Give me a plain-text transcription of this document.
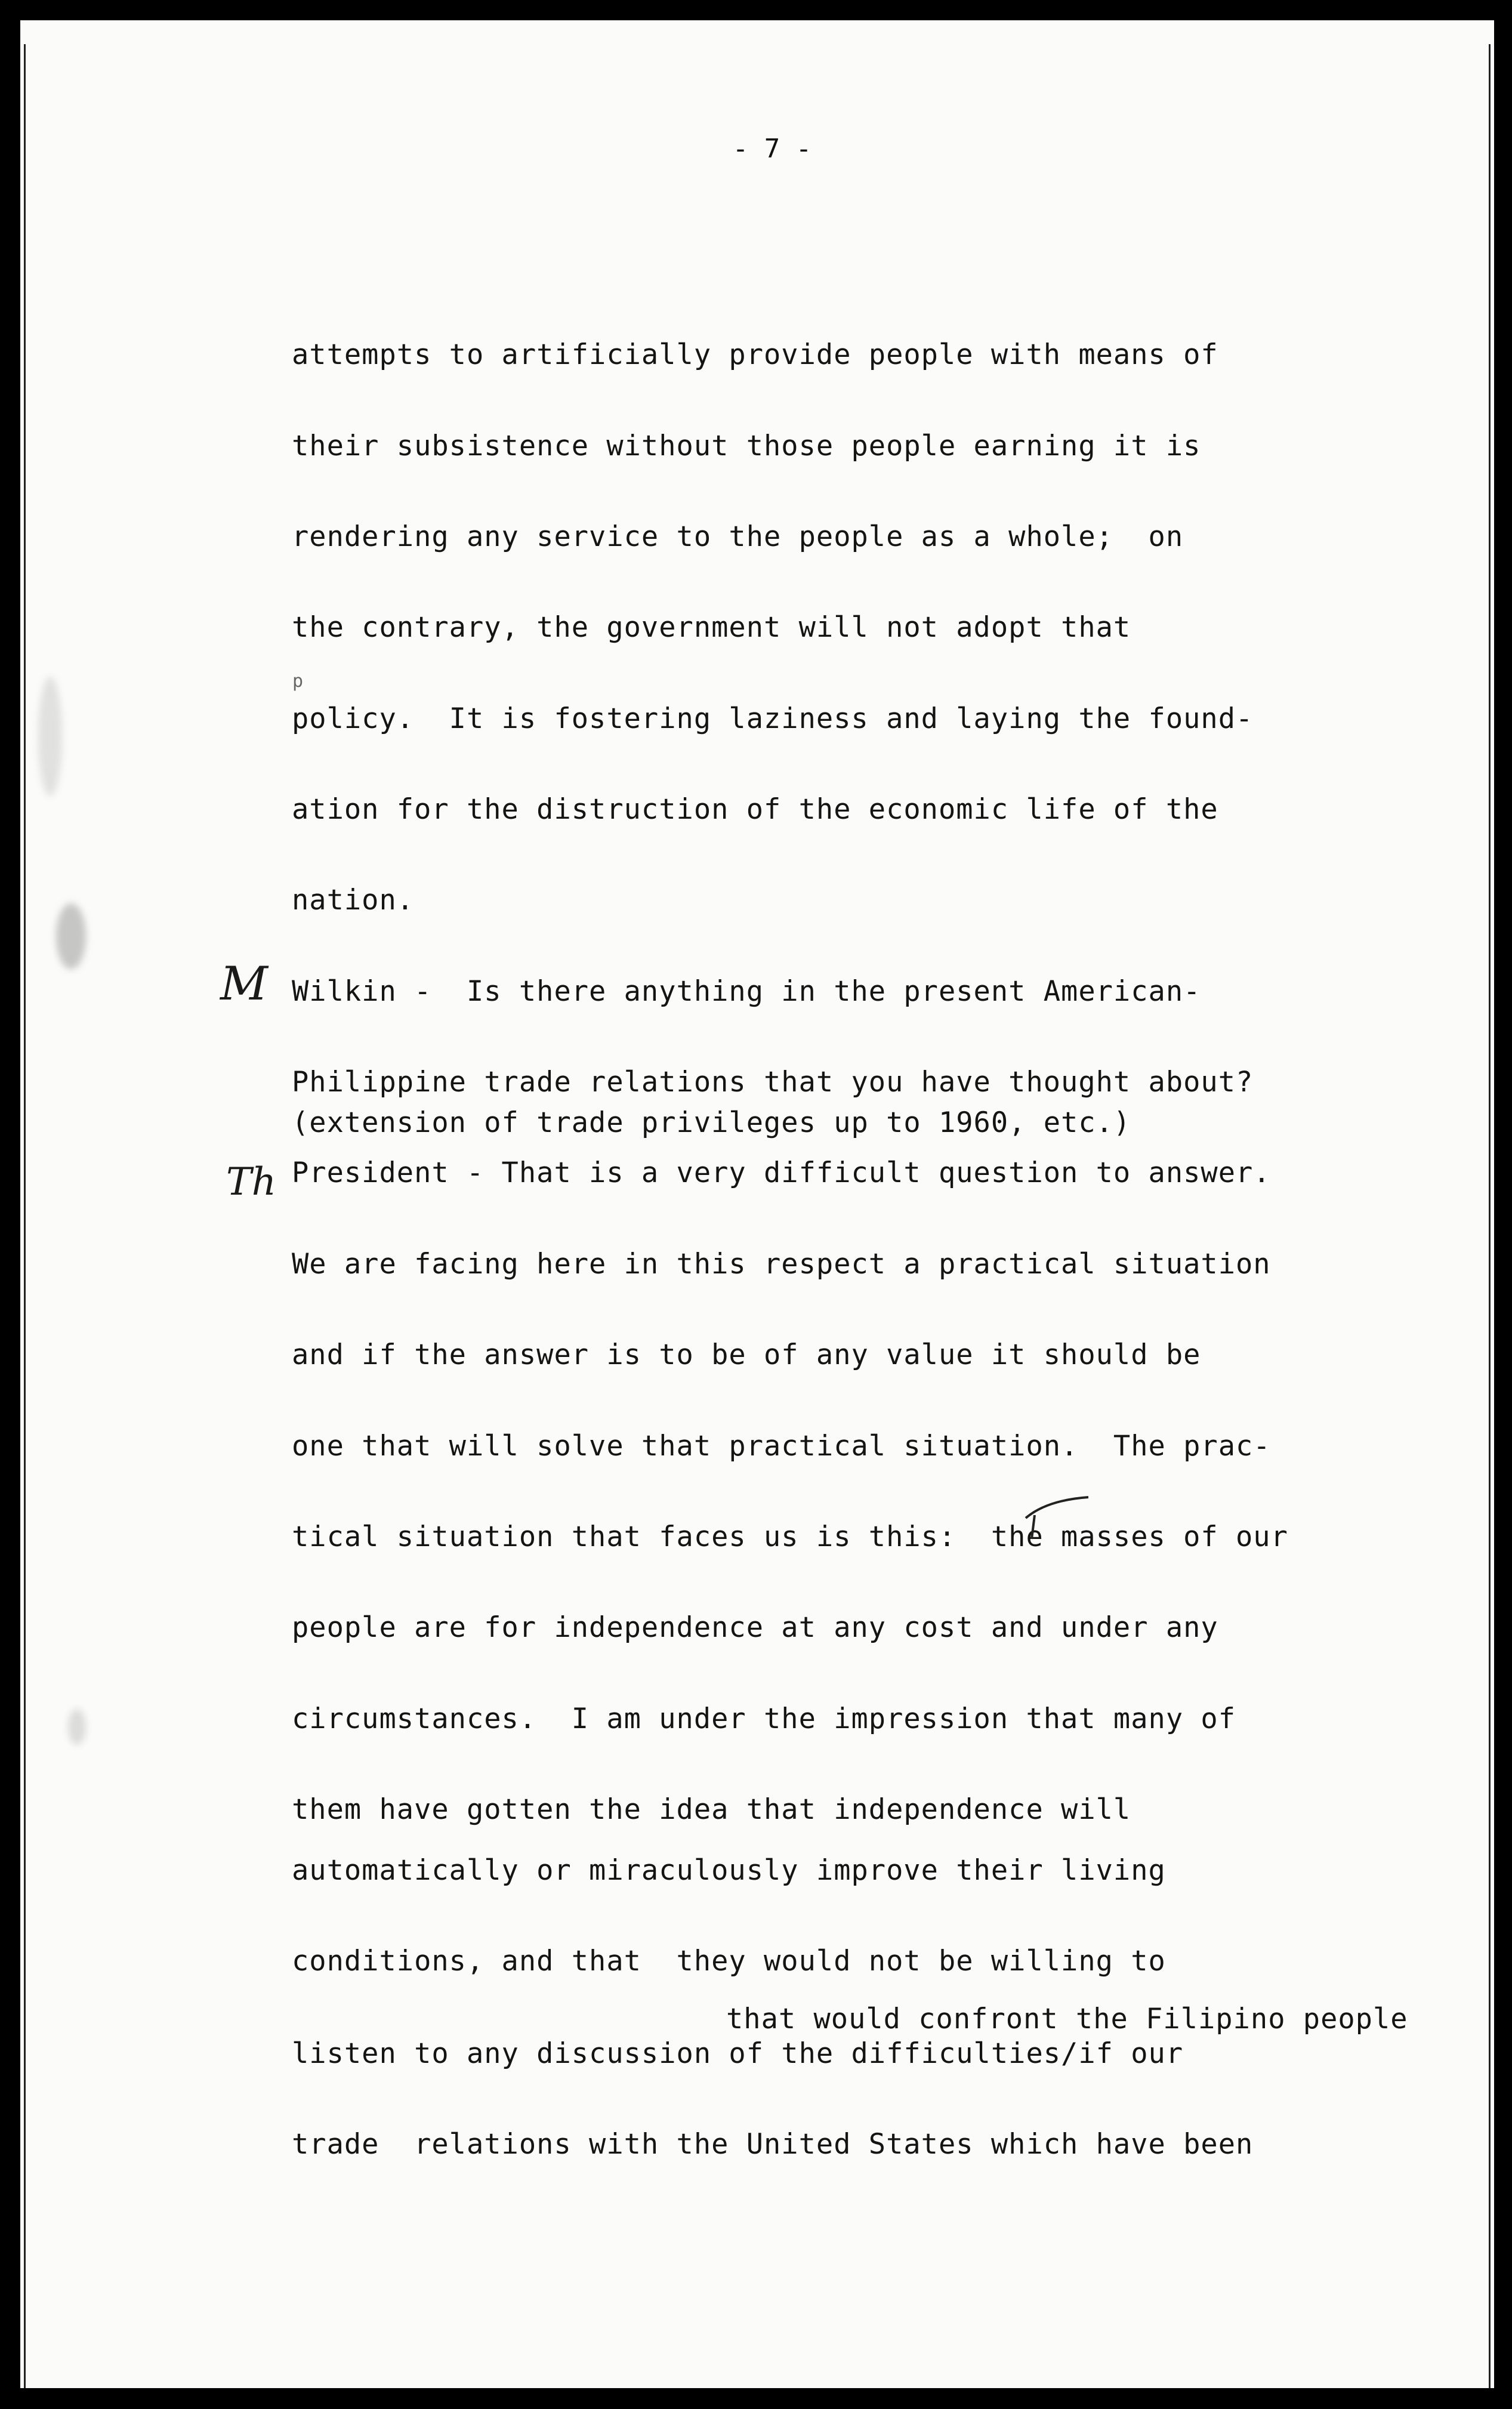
- 7 -
p
M
Th
attempts to artificially provide people with means of
their subsistence without those people earning it is
rendering any service to the people as a whole;  on
the contrary, the government will not adopt that
policy.  It is fostering laziness and laying the found-
ation for the distruction of the economic life of the
nation.
Wilkin -  Is there anything in the present American-
Philippine trade relations that you have thought about?
(extension of trade privileges up to 1960, etc.)
President - That is a very difficult question to answer.
We are facing here in this respect a practical situation
and if the answer is to be of any value it should be
one that will solve that practical situation.  The prac-
tical situation that faces us is this:  the masses of our
people are for independence at any cost and under any
circumstances.  I am under the impression that many of
them have gotten the idea that independence will
automatically or miraculously improve their living
conditions, and that  they would not be willing to
that would confront the Filipino people
listen to any discussion of the difficulties/if our
trade  relations with the United States which have been
